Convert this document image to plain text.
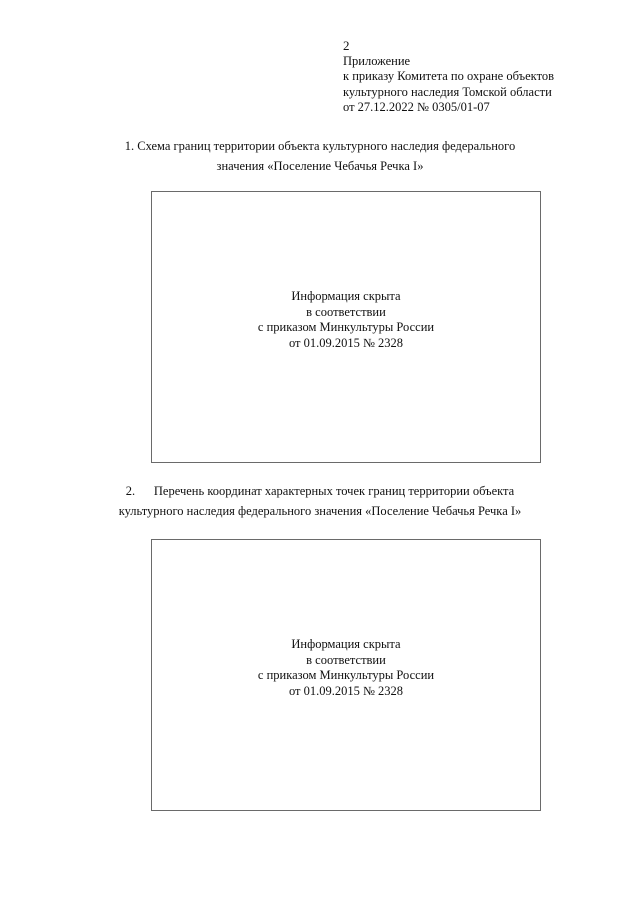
2
Приложение
к приказу Комитета по охране объектов
культурного наследия Томской области
от 27.12.2022 № 0305/01-07
1. Схема границ территории объекта культурного наследия федерального
значения «Поселение Чебачья Речка I»
Информация скрыта
в соответствии
с приказом Минкультуры России
от 01.09.2015 № 2328
2.      Перечень координат характерных точек границ территории объекта
культурного наследия федерального значения «Поселение Чебачья Речка I»
Информация скрыта
в соответствии
с приказом Минкультуры России
от 01.09.2015 № 2328
